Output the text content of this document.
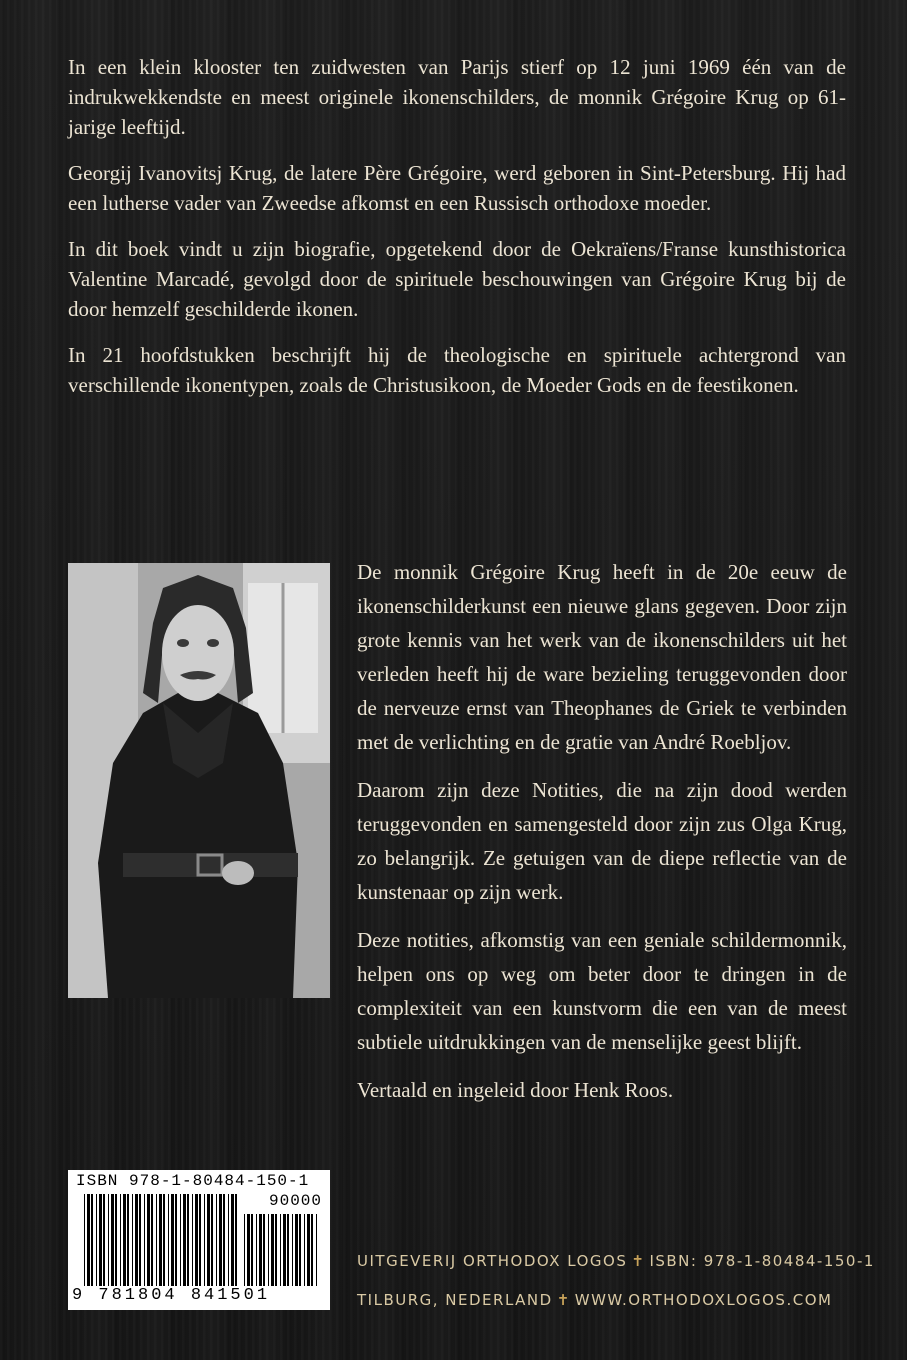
In een klein klooster ten zuidwesten van Parijs stierf op 12 juni 1969 één van de indrukwekkendste en meest originele ikonenschilders, de monnik Grégoire Krug op 61-jarige leeftijd.

Georgij Ivanovitsj Krug, de latere Père Grégoire, werd geboren in Sint-Petersburg. Hij had een lutherse vader van Zweedse afkomst en een Russisch orthodoxe moeder.

In dit boek vindt u zijn biografie, opgetekend door de Oekraïens/Franse kunsthistorica Valentine Marcadé, gevolgd door de spirituele beschouwingen van Grégoire Krug bij de door hemzelf geschilderde ikonen.

In 21 hoofdstukken beschrijft hij de theologische en spirituele achtergrond van verschillende ikonentypen, zoals de Christusikoon, de Moeder Gods en de feestikonen.

De monnik Grégoire Krug heeft in de 20e eeuw de ikonenschilderkunst een nieuwe glans gegeven. Door zijn grote kennis van het werk van de ikonenschilders uit het verleden heeft hij de ware bezieling teruggevonden door de nerveuze ernst van Theophanes de Griek te verbinden met de verlichting en de gratie van André Roebljov.

Daarom zijn deze Notities, die na zijn dood werden teruggevonden en samengesteld door zijn zus Olga Krug, zo belangrijk. Ze getuigen van de diepe reflectie van de kunstenaar op zijn werk.

Deze notities, afkomstig van een geniale schildermonnik, helpen ons op weg om beter door te dringen in de complexiteit van een kunstvorm die een van de meest subtiele uitdrukkingen van de menselijke geest blijft.

Vertaald en ingeleid door Henk Roos.

ISBN 978-1-80484-150-1
90000
9 781804 841501
UITGEVERIJ ORTHODOX LOGOS ✝ ISBN: 978-1-80484-150-1
TILBURG, NEDERLAND ✝ WWW.ORTHODOXLOGOS.COM
